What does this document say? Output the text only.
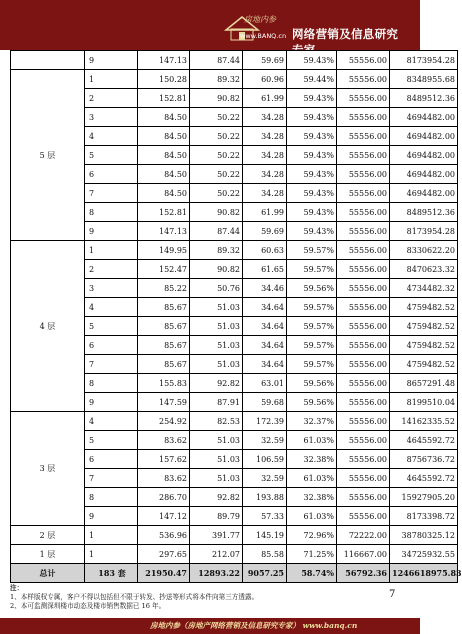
房地内参
www.BANQ.cn 网络营销及信息研究专家
	9	147.13	87.44	59.69	59.43%	55556.00	8173954.28
5 层	1	150.28	89.32	60.96	59.44%	55556.00	8348955.68
	2	152.81	90.82	61.99	59.43%	55556.00	8489512.36
	3	84.50	50.22	34.28	59.43%	55556.00	4694482.00
	4	84.50	50.22	34.28	59.43%	55556.00	4694482.00
	5	84.50	50.22	34.28	59.43%	55556.00	4694482.00
	6	84.50	50.22	34.28	59.43%	55556.00	4694482.00
	7	84.50	50.22	34.28	59.43%	55556.00	4694482.00
	8	152.81	90.82	61.99	59.43%	55556.00	8489512.36
	9	147.13	87.44	59.69	59.43%	55556.00	8173954.28
4 层	1	149.95	89.32	60.63	59.57%	55556.00	8330622.20
	2	152.47	90.82	61.65	59.57%	55556.00	8470623.32
	3	85.22	50.76	34.46	59.56%	55556.00	4734482.32
	4	85.67	51.03	34.64	59.57%	55556.00	4759482.52
	5	85.67	51.03	34.64	59.57%	55556.00	4759482.52
	6	85.67	51.03	34.64	59.57%	55556.00	4759482.52
	7	85.67	51.03	34.64	59.57%	55556.00	4759482.52
	8	155.83	92.82	63.01	59.56%	55556.00	8657291.48
	9	147.59	87.91	59.68	59.56%	55556.00	8199510.04
3 层	4	254.92	82.53	172.39	32.37%	55556.00	14162335.52
	5	83.62	51.03	32.59	61.03%	55556.00	4645592.72
	6	157.62	51.03	106.59	32.38%	55556.00	8756736.72
	7	83.62	51.03	32.59	61.03%	55556.00	4645592.72
	8	286.70	92.82	193.88	32.38%	55556.00	15927905.20
	9	147.12	89.79	57.33	61.03%	55556.00	8173398.72
2 层	1	536.96	391.77	145.19	72.96%	72222.00	38780325.12
1 层	1	297.65	212.07	85.58	71.25%	116667.00	34725932.55
总计	183 套	21950.47	12893.22	9057.25	58.74%	56792.36	1246618975.83
注：
1、本样版权专属，客户不得以包括但不限于转发、抄送等形式将本件向第三方透露。
2、本可监测深圳楼市动态及楼市销售数据已 16 年。
7
房地内参（房地产网络营销及信息研究专家） www.banq.cn
